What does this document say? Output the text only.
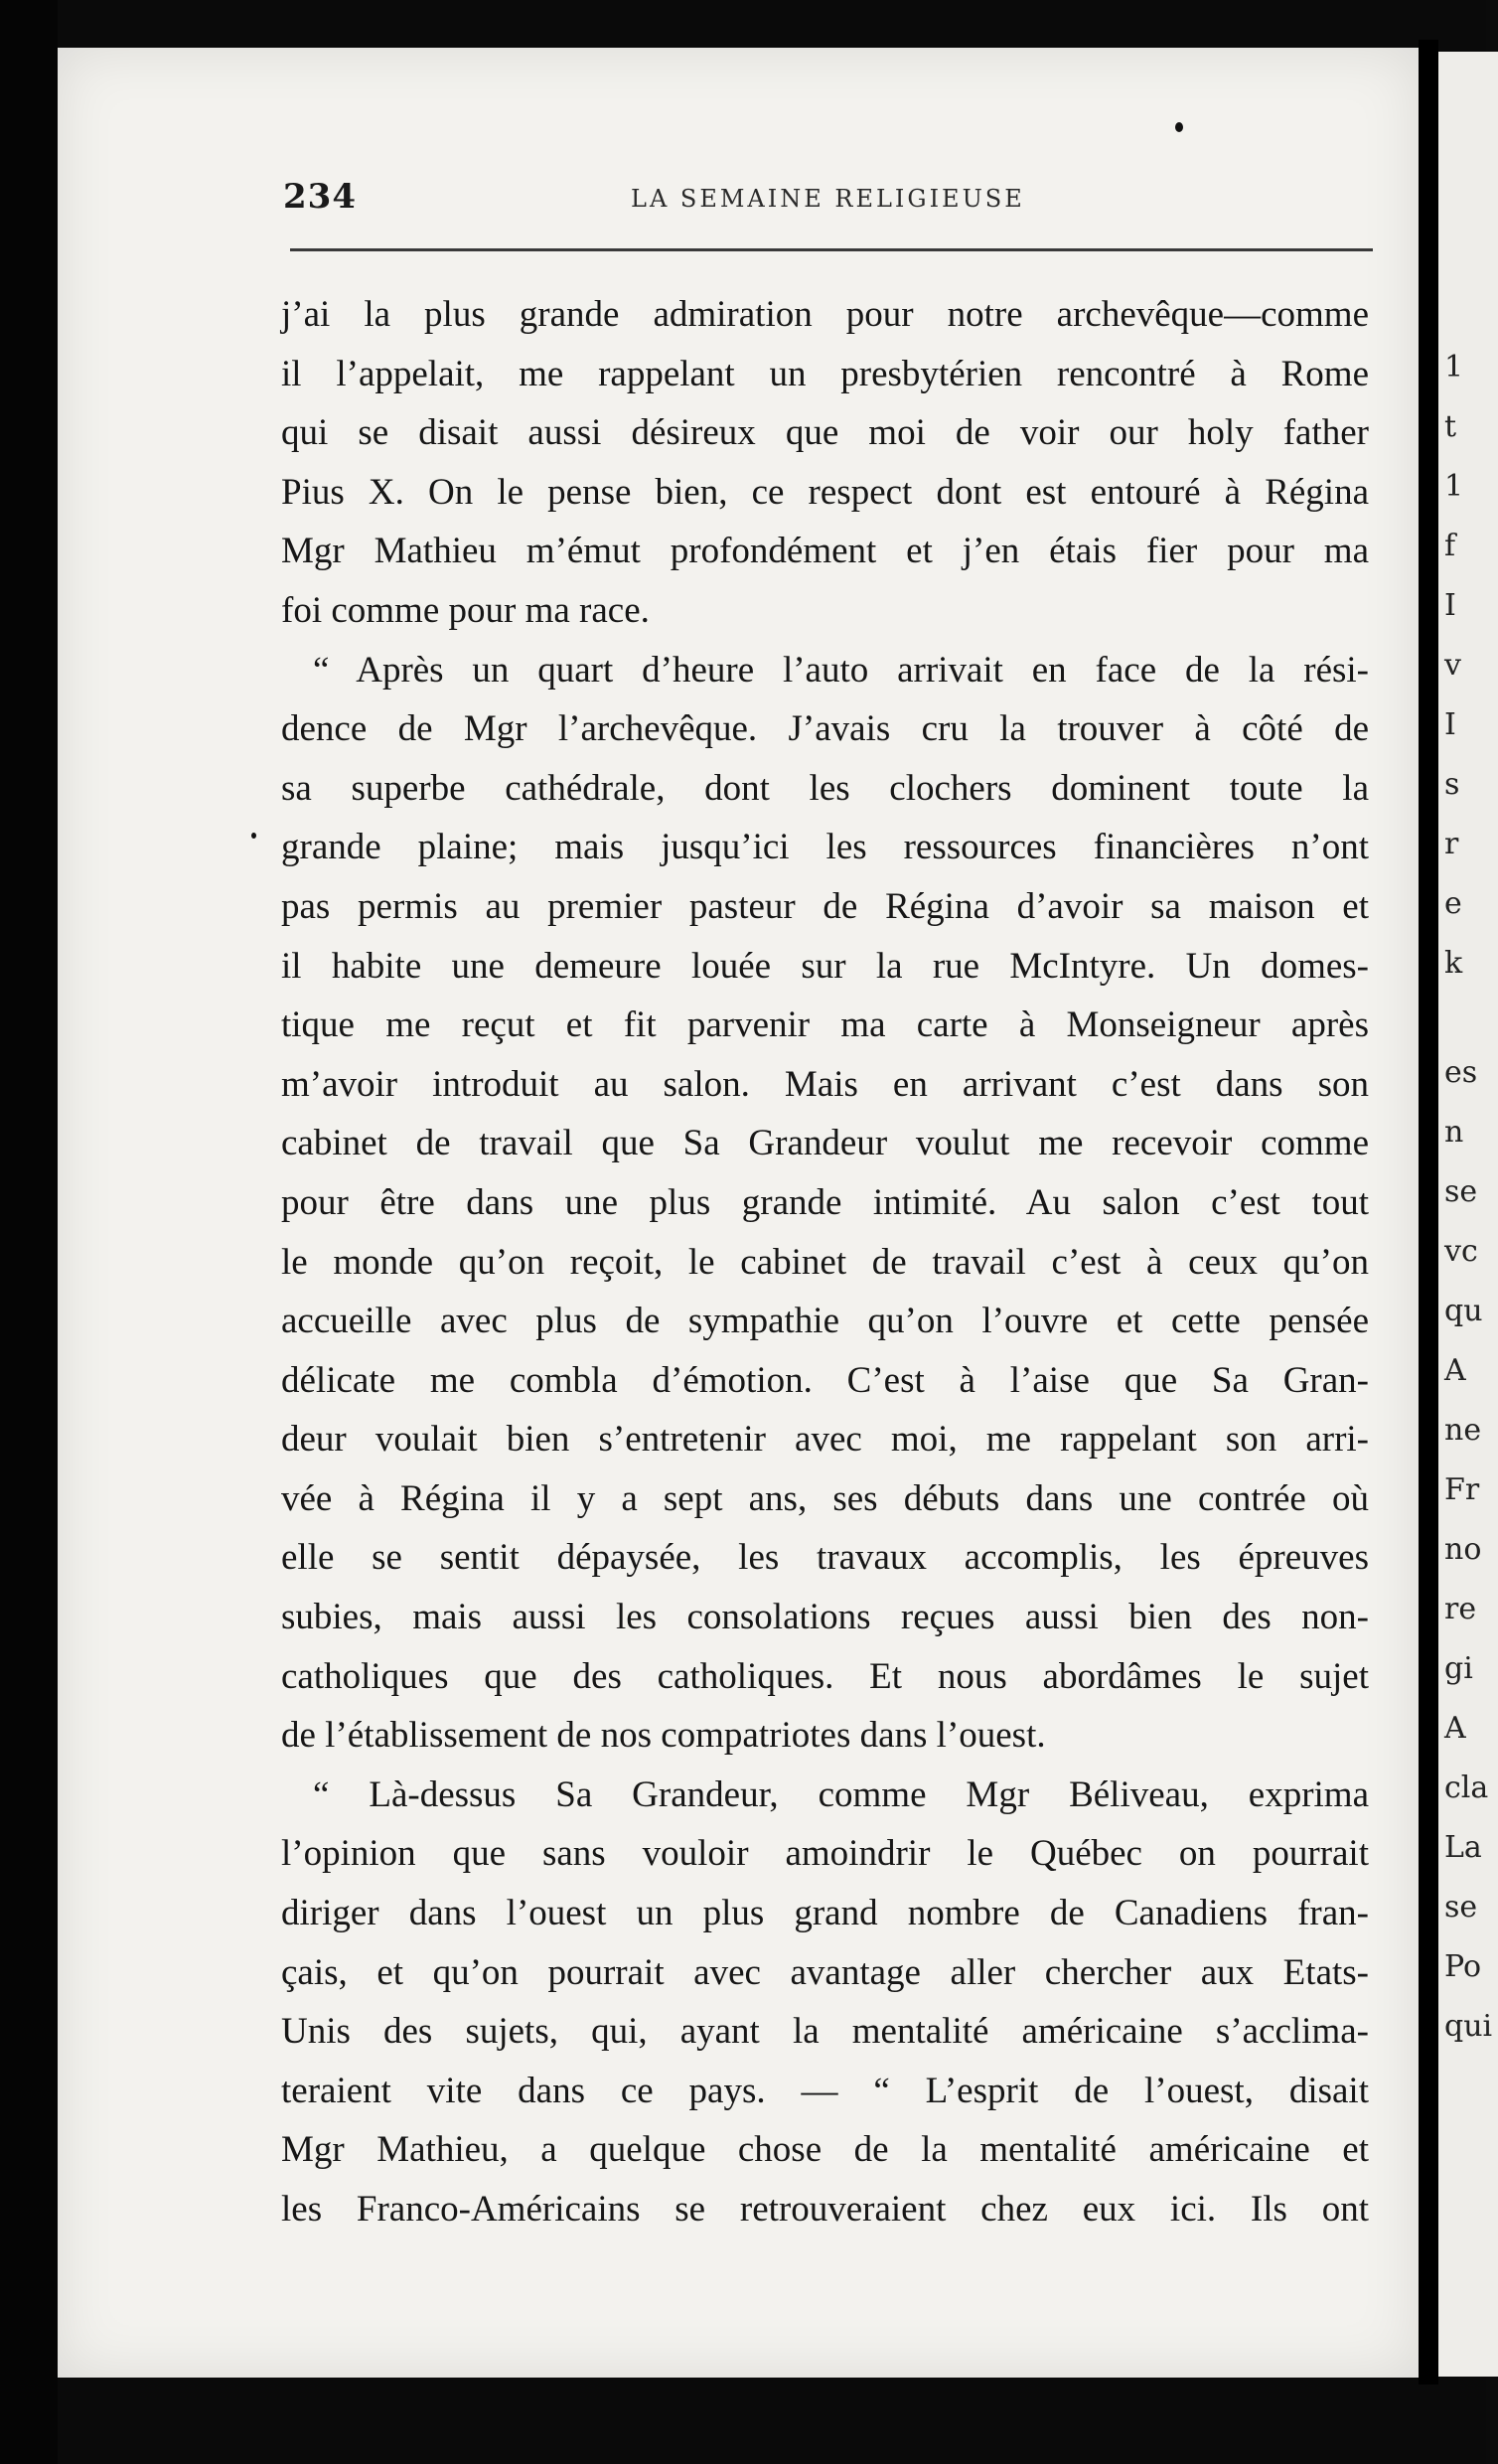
1
t
1
f
I
v
I
s
r
e
k
es
n
se
vc
qu
A
ne
Fr
no
re
gi
A
cla
La
se
Po
qui
234	LA SEMAINE RELIGIEUSE
j’ai la plus grande admiration pour notre archevêque—comme
il l’appelait, me rappelant un presbytérien rencontré à Rome
qui se disait aussi désireux que moi de voir our holy father
Pius X. On le pense bien, ce respect dont est entouré à Régina
Mgr Mathieu m’émut profondément et j’en étais fier pour ma
foi comme pour ma race.
“ Après un quart d’heure l’auto arrivait en face de la rési-
dence de Mgr l’archevêque. J’avais cru la trouver à côté de
sa superbe cathédrale, dont les clochers dominent toute la
grande plaine; mais jusqu’ici les ressources financières n’ont
pas permis au premier pasteur de Régina d’avoir sa maison et
il habite une demeure louée sur la rue McIntyre. Un domes-
tique me reçut et fit parvenir ma carte à Monseigneur après
m’avoir introduit au salon. Mais en arrivant c’est dans son
cabinet de travail que Sa Grandeur voulut me recevoir comme
pour être dans une plus grande intimité. Au salon c’est tout
le monde qu’on reçoit, le cabinet de travail c’est à ceux qu’on
accueille avec plus de sympathie qu’on l’ouvre et cette pensée
délicate me combla d’émotion. C’est à l’aise que Sa Gran-
deur voulait bien s’entretenir avec moi, me rappelant son arri-
vée à Régina il y a sept ans, ses débuts dans une contrée où
elle se sentit dépaysée, les travaux accomplis, les épreuves
subies, mais aussi les consolations reçues aussi bien des non-
catholiques que des catholiques. Et nous abordâmes le sujet
de l’établissement de nos compatriotes dans l’ouest.
“ Là-dessus Sa Grandeur, comme Mgr Béliveau, exprima
l’opinion que sans vouloir amoindrir le Québec on pourrait
diriger dans l’ouest un plus grand nombre de Canadiens fran-
çais, et qu’on pourrait avec avantage aller chercher aux Etats-
Unis des sujets, qui, ayant la mentalité américaine s’acclima-
teraient vite dans ce pays. — “ L’esprit de l’ouest, disait
Mgr Mathieu, a quelque chose de la mentalité américaine et
les Franco-Américains se retrouveraient chez eux ici. Ils ont
